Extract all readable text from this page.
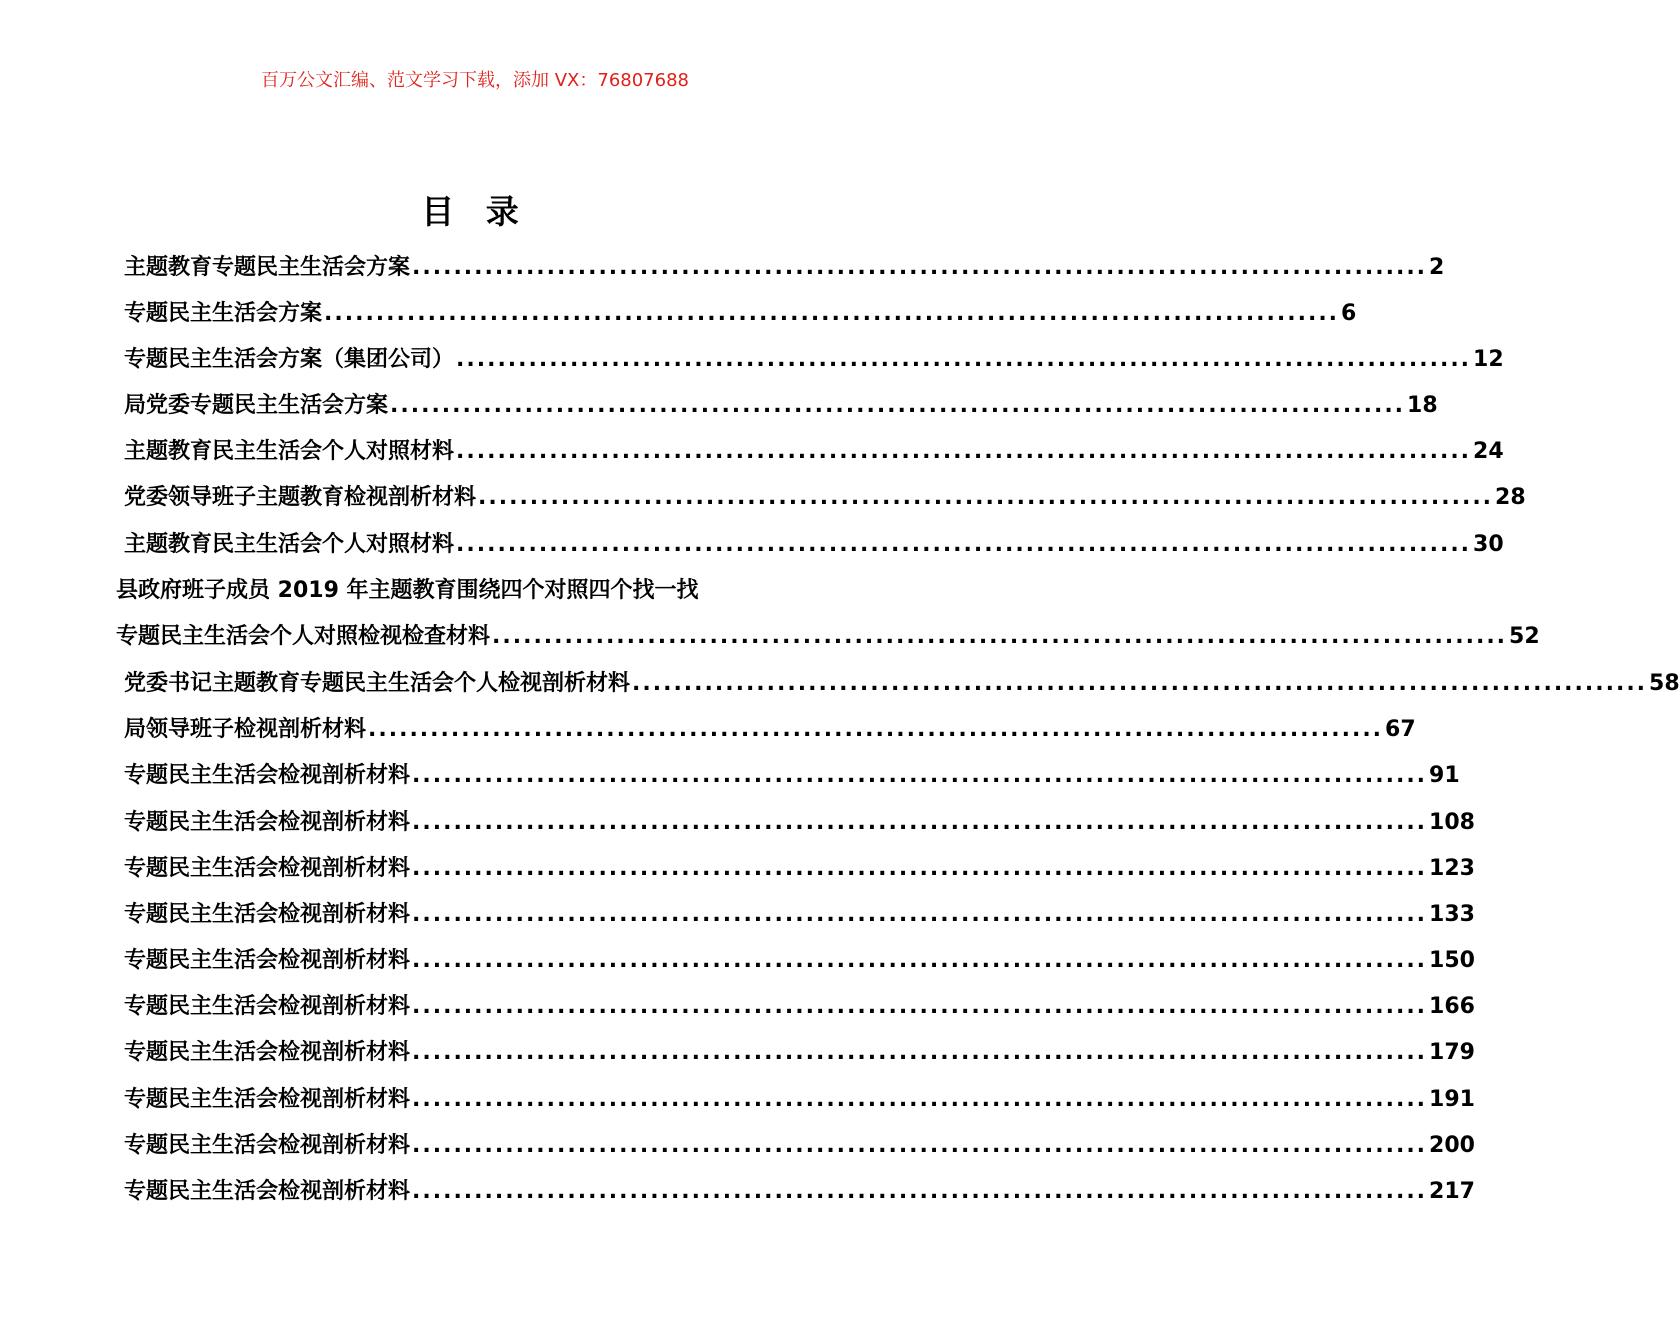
百万公文汇编、范文学习下载，添加 VX：76807688
目 录
主题教育专题民主生活会方案 .................................................................................................. 2
专题民主生活会方案 .................................................................................................. 6
专题民主生活会方案（集团公司） .................................................................................................. 12
局党委专题民主生活会方案 .................................................................................................. 18
主题教育民主生活会个人对照材料 .................................................................................................. 24
党委领导班子主题教育检视剖析材料 .................................................................................................. 28
主题教育民主生活会个人对照材料 .................................................................................................. 30
县政府班子成员 2019 年主题教育围绕四个对照四个找一找
专题民主生活会个人对照检视检查材料 .................................................................................................. 52
党委书记主题教育专题民主生活会个人检视剖析材料 .................................................................................................. 58
局领导班子检视剖析材料 .................................................................................................. 67
专题民主生活会检视剖析材料 .................................................................................................. 91
专题民主生活会检视剖析材料 .................................................................................................. 108
专题民主生活会检视剖析材料 .................................................................................................. 123
专题民主生活会检视剖析材料 .................................................................................................. 133
专题民主生活会检视剖析材料 .................................................................................................. 150
专题民主生活会检视剖析材料 .................................................................................................. 166
专题民主生活会检视剖析材料 .................................................................................................. 179
专题民主生活会检视剖析材料 .................................................................................................. 191
专题民主生活会检视剖析材料 .................................................................................................. 200
专题民主生活会检视剖析材料 .................................................................................................. 217
